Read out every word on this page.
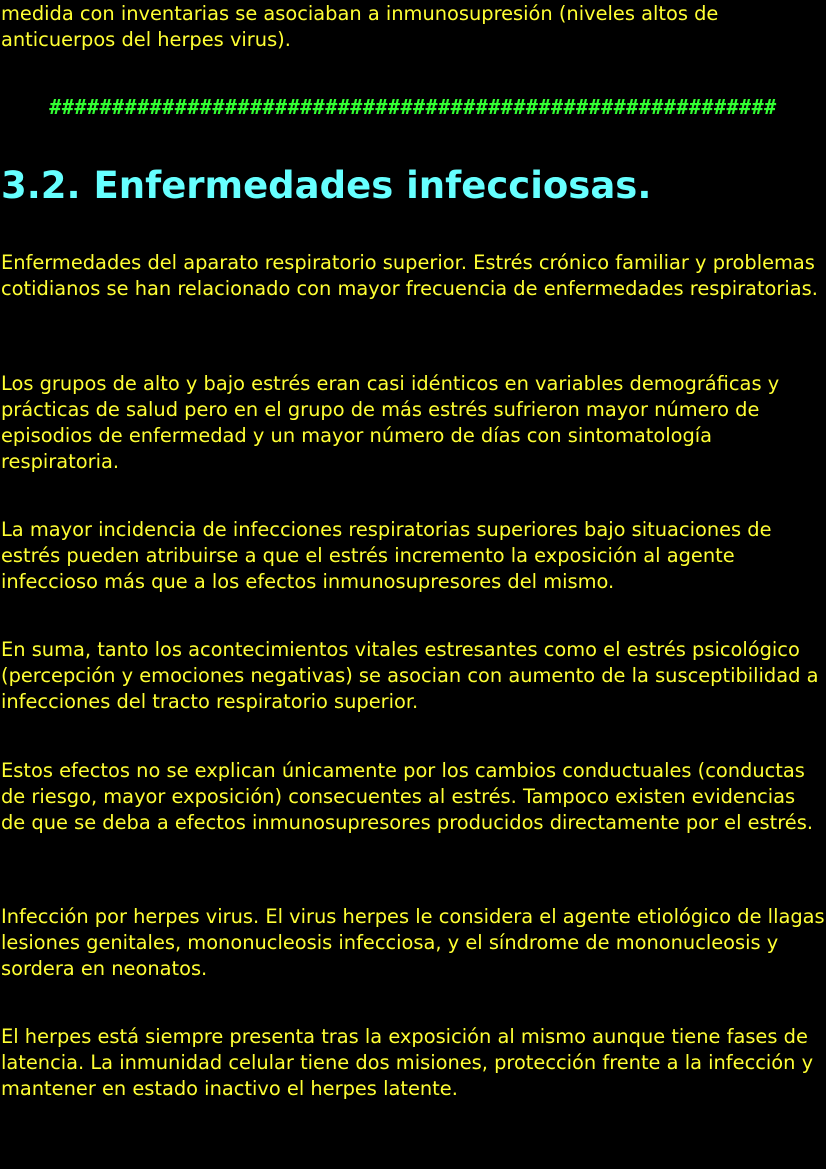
medida con inventarias se asociaban a inmunosupresión (niveles altos de anticuerpos del herpes virus).

##########################################################

3.2. Enfermedades infecciosas.

Enfermedades del aparato respiratorio superior. Estrés crónico familiar y problemas cotidianos se han relacionado con mayor frecuencia de enfermedades respiratorias.

Los grupos de alto y bajo estrés eran casi idénticos en variables demográficas y prácticas de salud pero en el grupo de más estrés sufrieron mayor número de episodios de enfermedad y un mayor número de días con sintomatología respiratoria.

La mayor incidencia de infecciones respiratorias superiores bajo situaciones de estrés pueden atribuirse a que el estrés incremento la exposición al agente infeccioso más que a los efectos inmunosupresores del mismo.

En suma, tanto los acontecimientos vitales estresantes como el estrés psicológico (percepción y emociones negativas) se asocian con aumento de la susceptibilidad a infecciones del tracto respiratorio superior.

Estos efectos no se explican únicamente por los cambios conductuales (conductas de riesgo, mayor exposición) consecuentes al estrés. Tampoco existen evidencias de que se deba a efectos inmunosupresores producidos directamente por el estrés.

Infección por herpes virus. El virus herpes le considera el agente etiológico de llagas lesiones genitales, mononucleosis infecciosa, y el síndrome de mononucleosis y sordera en neonatos.

El herpes está siempre presenta tras la exposición al mismo aunque tiene fases de latencia. La inmunidad celular tiene dos misiones, protección frente a la infección y mantener en estado inactivo el herpes latente.
